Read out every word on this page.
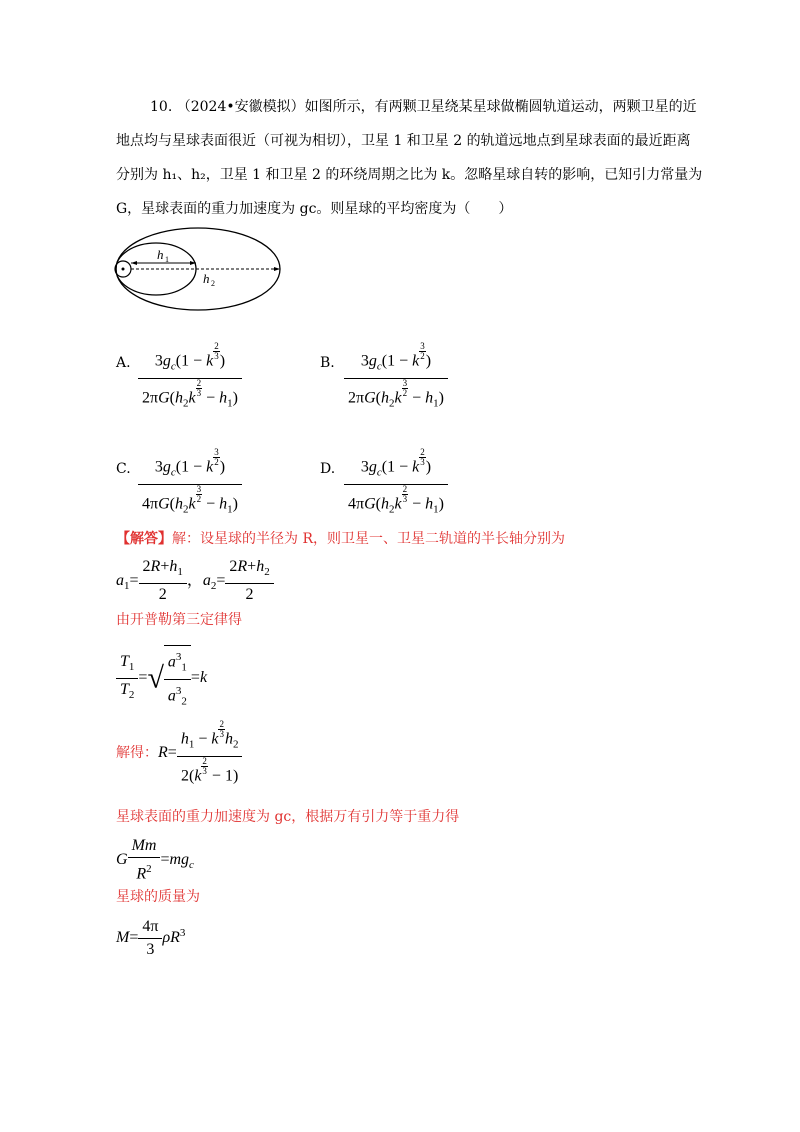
10. （2024•安徽模拟）如图所示，有两颗卫星绕某星球做椭圆轨道运动，两颗卫星的近
地点均与星球表面很近（可视为相切），卫星 1 和卫星 2 的轨道远地点到星球表面的最近距离
分别为 h₁、h₂，卫星 1 和卫星 2 的环绕周期之比为 k。忽略星球自转的影响，已知引力常量为
G，星球表面的重力加速度为 gc。则星球的平均密度为（　　）
h 1
h 2
A. $\frac{3g_c(1 - k \frac{2}{3} )}{2\pi G(h_2k \frac{2}{3} - h_1)}$	B. $\frac{3g_c(1 - k \frac{3}{2} )}{2\pi G(h_2k \frac{3}{2} - h_1)}$
C. $\frac{3g_c(1 - k \frac{3}{2} )}{4\pi G(h_2k \frac{3}{2} - h_1)}$	D. $\frac{3g_c(1 - k \frac{2}{3} )}{4\pi G(h_2k \frac{2}{3} - h_1)}$
【解答】解：设星球的半径为 R，则卫星一、卫星二轨道的半长轴分别为
$a_1= \frac{2R+h_1}{2}$ ，$a_2= \frac{2R+h_2}{2}$
由开普勒第三定律得
$\frac{T_1}{T_2}$ =√ $\frac{a^3_1}{a^3_2} =k$
解得：$R= \frac{h_1 - k \frac{2}{3} h_2}{2(k \frac{2}{3} - 1)}$
星球表面的重力加速度为 gc，根据万有引力等于重力得
G $\frac{Mm}{R^2} =mg_c$
星球的质量为
$M= \frac{4\pi}{3} \rho R^3$
